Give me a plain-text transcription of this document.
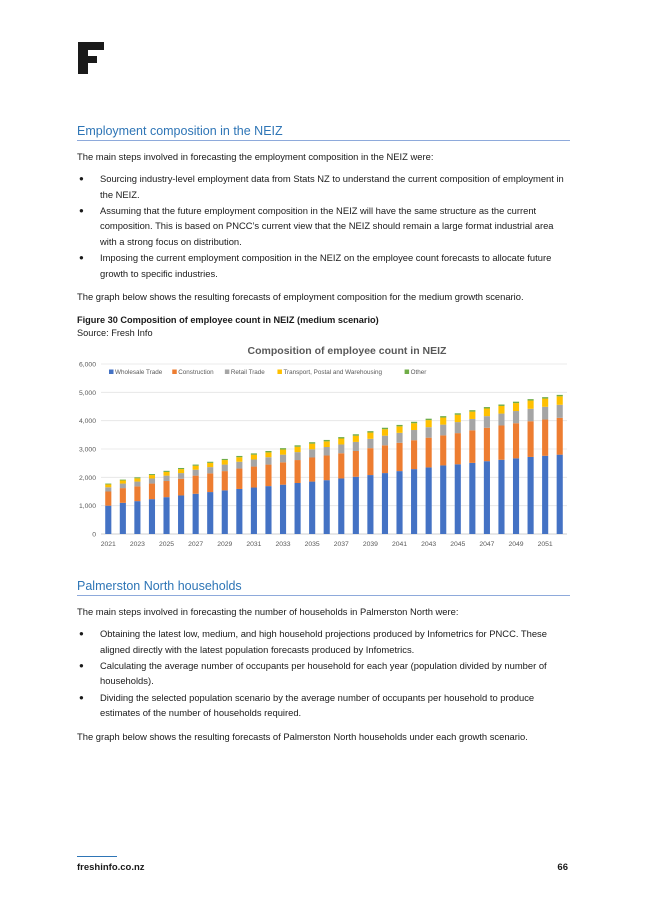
Employment composition in the NEIZ

The main steps involved in forecasting the employment composition in the NEIZ were:

● Sourcing industry-level employment data from Stats NZ to understand the current composition of employment in the NEIZ.
● Assuming that the future employment composition in the NEIZ will have the same structure as the current composition. This is based on PNCC’s current view that the NEIZ should remain a large format industrial area with a strong focus on distribution.
● Imposing the current employment composition in the NEIZ on the employee count forecasts to allocate future growth to specific industries.

The graph below shows the resulting forecasts of employment composition for the medium growth scenario.

Figure 30 Composition of employee count in NEIZ (medium scenario)
Source: Fresh Info
Composition of employee count in NEIZ
0
1,000
2,000
3,000
4,000
5,000
6,000
2021 2023 2025 2027 2029 2031 2033 2035 2037 2039 2041 2043 2045 2047 2049 2051
Wholesale Trade	Construction	Retail Trade	Transport, Postal and Warehousing	Other
Palmerston North households

The main steps involved in forecasting the number of households in Palmerston North were:

● Obtaining the latest low, medium, and high household projections produced by Infometrics for PNCC. These aligned directly with the latest population forecasts produced by Infometrics.
● Calculating the average number of occupants per household for each year (population divided by number of households).
● Dividing the selected population scenario by the average number of occupants per household to produce estimates of the number of households required.

The graph below shows the resulting forecasts of Palmerston North households under each growth scenario.

freshinfo.co.nz	66
